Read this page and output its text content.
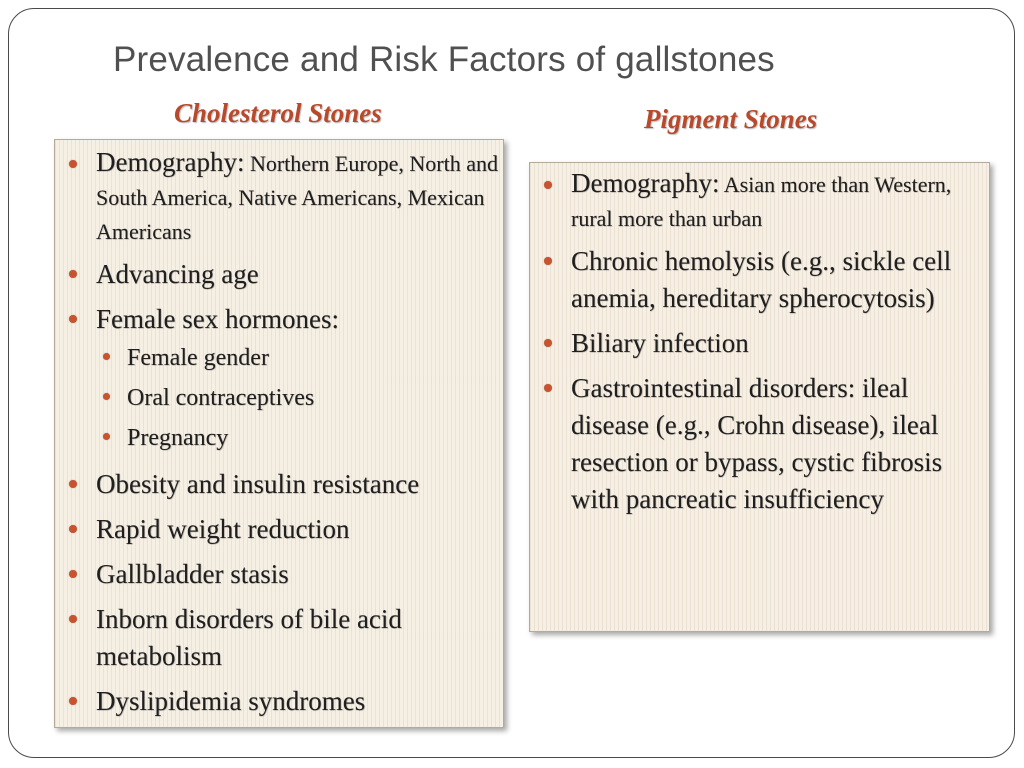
Prevalence and Risk Factors of gallstones
Cholesterol Stones	Pigment Stones
Demography: Northern Europe, North and South America, Native Americans, Mexican Americans
Advancing age
Female sex hormones:
Female gender
Oral contraceptives
Pregnancy
Obesity and insulin resistance
Rapid weight reduction
Gallbladder stasis
Inborn disorders of bile acid metabolism
Dyslipidemia syndromes
Demography: Asian more than Western, rural more than urban
Chronic hemolysis (e.g., sickle cell anemia, hereditary spherocytosis)
Biliary infection
Gastrointestinal disorders: ileal disease (e.g., Crohn disease), ileal resection or bypass, cystic fibrosis with pancreatic insufficiency
